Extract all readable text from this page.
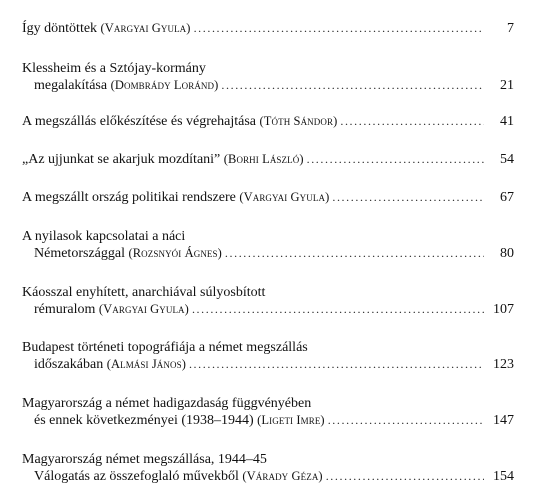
Így döntöttek (Vargyai Gyula) .....	7
Klessheim és a Sztójay-kormány
megalakítása (Dombrády Loránd) .....	21
A megszállás előkészítése és végrehajtása (Tóth Sándor) .....	41
„Az ujjunkat se akarjuk mozdítani” (Borhi László) .....	54
A megszállt ország politikai rendszere (Vargyai Gyula) .....	67
A nyilasok kapcsolatai a náci
Németországgal (Rozsnyói Ágnes) .....	80
Káosszal enyhített, anarchiával súlyosbított
rémuralom (Vargyai Gyula) .....	107
Budapest történeti topográfiája a német megszállás
időszakában (Almási János) .....	123
Magyarország a német hadigazdaság függvényében
és ennek következményei (1938–1944) (Ligeti Imre) .....	147
Magyarország német megszállása, 1944–45
Válogatás az összefoglaló művekből (Várady Géza) .....	154
